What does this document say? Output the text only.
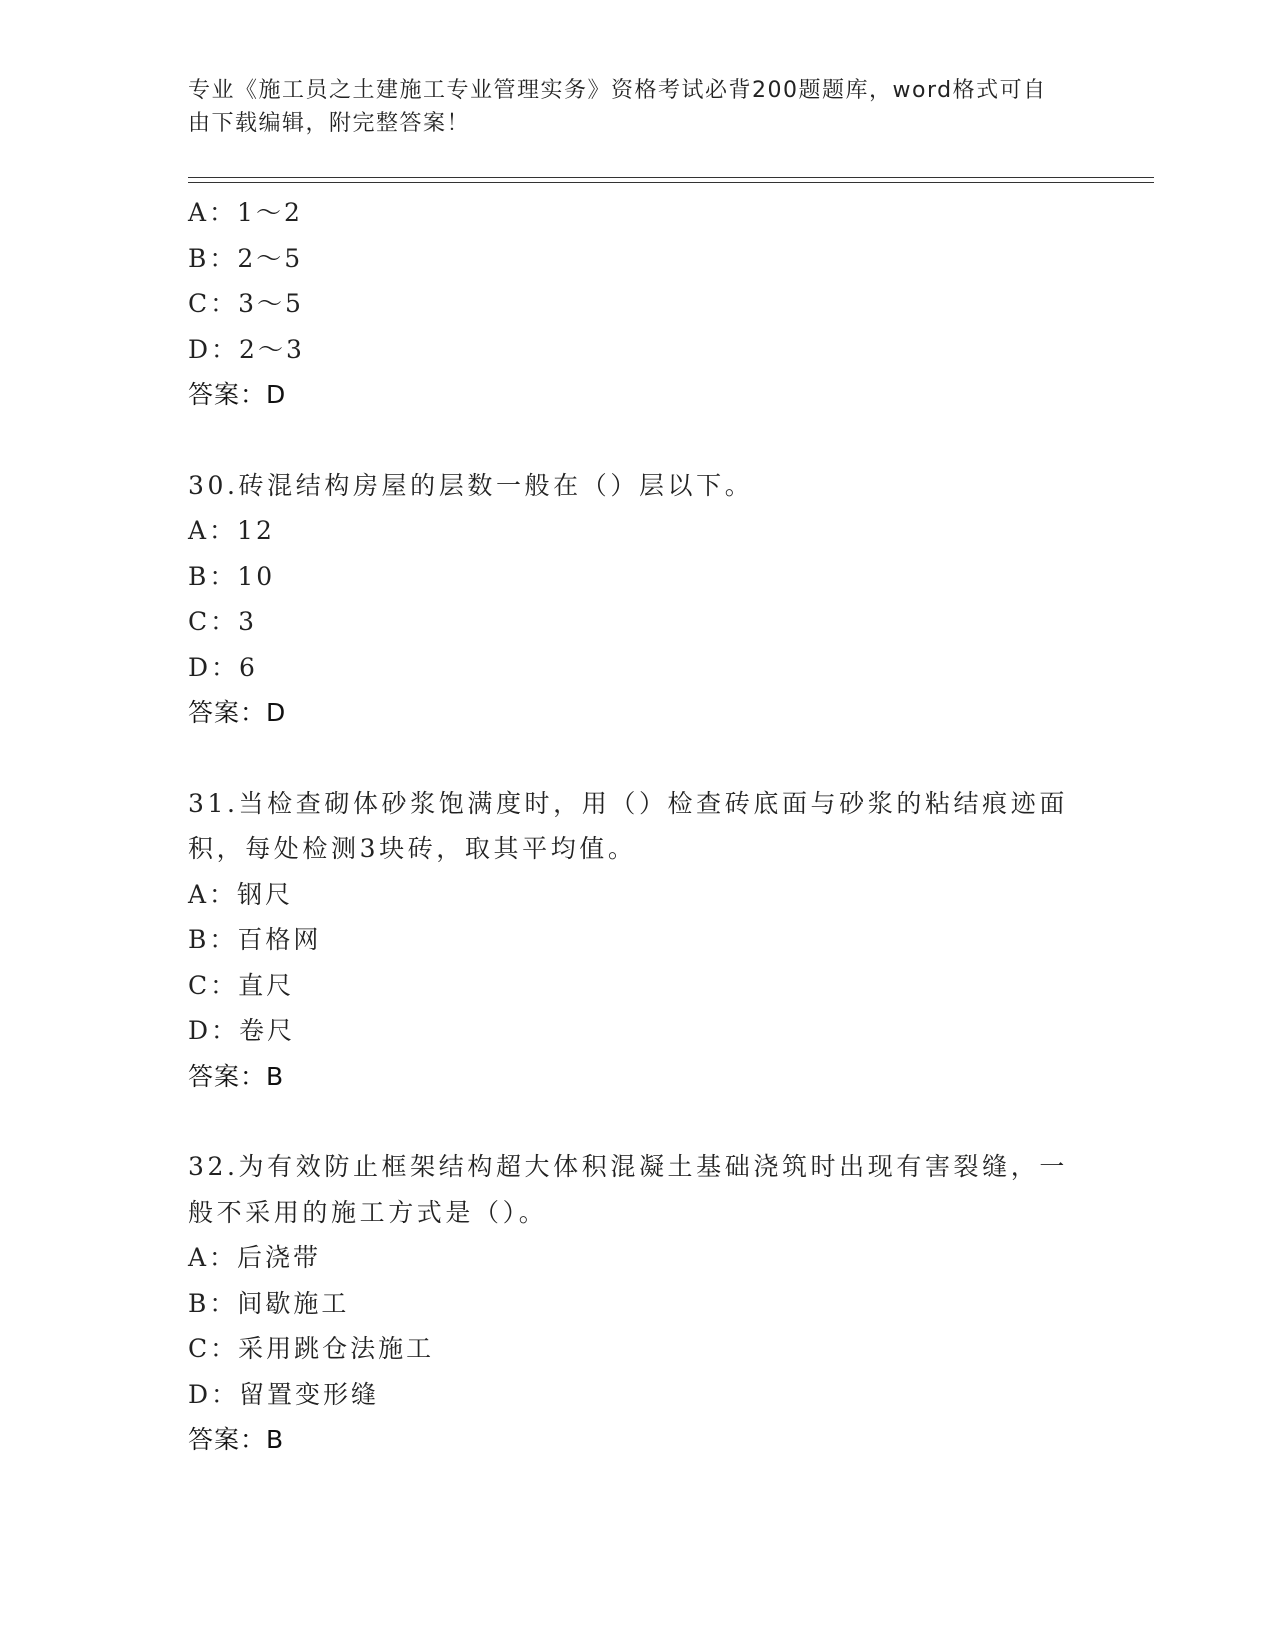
专业《施工员之土建施工专业管理实务》资格考试必背200题题库，word格式可自由下载编辑，附完整答案！
A：1～2
B：2～5
C：3～5
D：2～3
答案：D
30.砖混结构房屋的层数一般在（）层以下。
A：12
B：10
C：3
D：6
答案：D
31.当检查砌体砂浆饱满度时，用（）检查砖底面与砂浆的粘结痕迹面积，每处检测3块砖，取其平均值。
A：钢尺
B：百格网
C：直尺
D：卷尺
答案：B
32.为有效防止框架结构超大体积混凝土基础浇筑时出现有害裂缝，一般不采用的施工方式是（）。
A：后浇带
B：间歇施工
C：采用跳仓法施工
D：留置变形缝
答案：B
